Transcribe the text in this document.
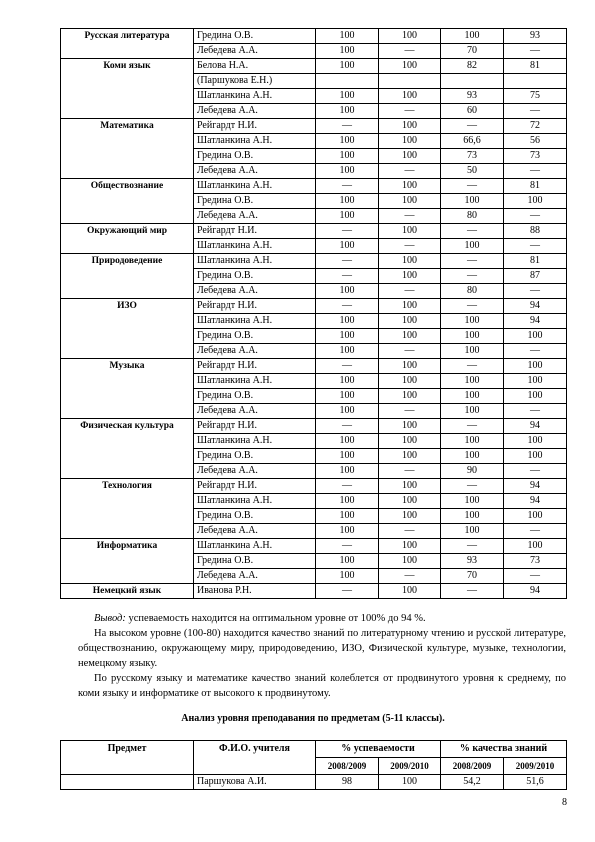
Русская литература	Гредина О.В.	100	100	100	93
	Лебедева А.А.	100	—	70	—
Коми язык	Белова Н.А.	100	100	82	81
	(Паршукова Е.Н.)				
	Шатланкина А.Н.	100	100	93	75
	Лебедева А.А.	100	—	60	—
Математика	Рейгардт Н.И.	—	100	—	72
	Шатланкина А.Н.	100	100	66,6	56
	Гредина О.В.	100	100	73	73
	Лебедева А.А.	100	—	50	—
Обществознание	Шатланкина А.Н.	—	100	—	81
	Гредина О.В.	100	100	100	100
	Лебедева А.А.	100	—	80	—
Окружающий мир	Рейгардт Н.И.	—	100	—	88
	Шатланкина А.Н.	100	—	100	—
Природоведение	Шатланкина А.Н.	—	100	—	81
	Гредина О.В.	—	100	—	87
	Лебедева А.А.	100	—	80	—
ИЗО	Рейгардт Н.И.	—	100	—	94
	Шатланкина А.Н.	100	100	100	94
	Гредина О.В.	100	100	100	100
	Лебедева А.А.	100	—	100	—
Музыка	Рейгардт Н.И.	—	100	—	100
	Шатланкина А.Н.	100	100	100	100
	Гредина О.В.	100	100	100	100
	Лебедева А.А.	100	—	100	—
Физическая культура	Рейгардт Н.И.	—	100	—	94
	Шатланкина А.Н.	100	100	100	100
	Гредина О.В.	100	100	100	100
	Лебедева А.А.	100	—	90	—
Технология	Рейгардт Н.И.	—	100	—	94
	Шатланкина А.Н.	100	100	100	94
	Гредина О.В.	100	100	100	100
	Лебедева А.А.	100	—	100	—
Информатика	Шатланкина А.Н.	—	100	—	100
	Гредина О.В.	100	100	93	73
	Лебедева А.А.	100	—	70	—
Немецкий язык	Иванова Р.Н.	—	100	—	94

Вывод: успеваемость находится на оптимальном уровне от 100% до 94 %.

На высоком уровне (100-80) находится качество знаний по литературному чтению и русской литературе, обществознанию, окружающему миру, природоведению, ИЗО, Физической культуре, музыке, технологии, немецкому языку.

По русскому языку и математике качество знаний колеблется от продвинутого уровня к среднему, по коми языку и информатике от высокого к продвинутому.

Анализ уровня преподавания по предметам (5-11 классы).
Предмет	Ф.И.О. учителя	% успеваемости		% качества знаний	
		2008/2009	2009/2010	2008/2009	2009/2010
	Паршукова А.И.	98	100	54,2	51,6
8
